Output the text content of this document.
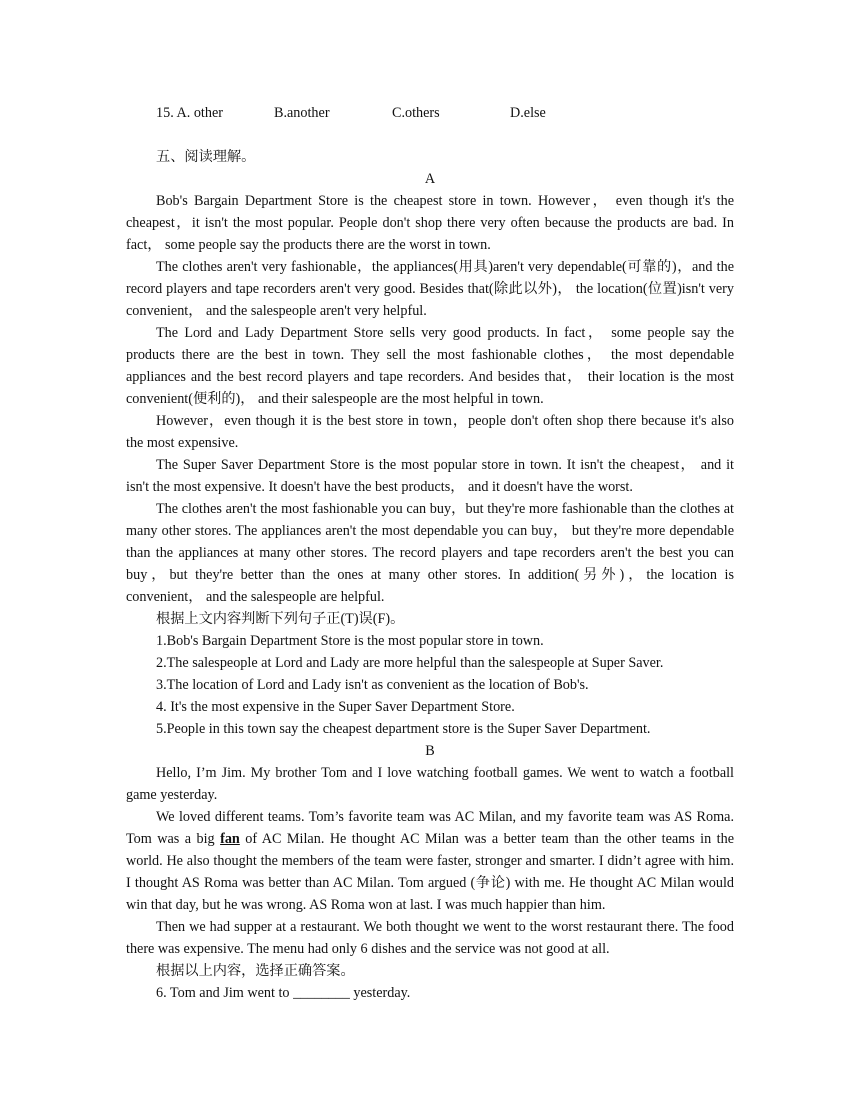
15. A. other	B.another	C.others	D.else
五、阅读理解。

A

Bob's Bargain Department Store is the cheapest store in town. However， even though it's the cheapest，it isn't the most popular. People don't shop there very often because the products are bad. In fact， some people say the products there are the worst in town.

The clothes aren't very fashionable，the appliances(用具)aren't very dependable(可靠的)，and the record players and tape recorders aren't very good. Besides that(除此以外)， the location(位置)isn't very convenient， and the salespeople aren't very helpful.

The Lord and Lady Department Store sells very good products. In fact， some people say the products there are the best in town. They sell the most fashionable clothes， the most dependable appliances and the best record players and tape recorders. And besides that， their location is the most convenient(便利的)， and their salespeople are the most helpful in town.

However，even though it is the best store in town，people don't often shop there because it's also the most expensive.

The Super Saver Department Store is the most popular store in town. It isn't the cheapest， and it isn't the most expensive. It doesn't have the best products， and it doesn't have the worst.

The clothes aren't the most fashionable you can buy，but they're more fashionable than the clothes at many other stores. The appliances aren't the most dependable you can buy， but they're more dependable than the appliances at many other stores. The record players and tape recorders aren't the best you can buy，but they're better than the ones at many other stores. In addition(另外)，the location is convenient， and the salespeople are helpful.

根据上文内容判断下列句子正(T)误(F)。

1.Bob's Bargain Department Store is the most popular store in town.

2.The salespeople at Lord and Lady are more helpful than the salespeople at Super Saver.

3.The location of Lord and Lady isn't as convenient as the location of Bob's.

4. It's the most expensive in the Super Saver Department Store.

5.People in this town say the cheapest department store is the Super Saver Department.

B

Hello, I’m Jim. My brother Tom and I love watching football games. We went to watch a football game yesterday.

We loved different teams. Tom’s favorite team was AC Milan, and my favorite team was AS Roma. Tom was a big fan of AC Milan. He thought AC Milan was a better team than the other teams in the world. He also thought the members of the team were faster, stronger and smarter. I didn’t agree with him. I thought AS Roma was better than AC Milan. Tom argued (争论) with me. He thought AC Milan would win that day, but he was wrong. AS Roma won at last. I was much happier than him.

Then we had supper at a restaurant. We both thought we went to the worst restaurant there. The food there was expensive. The menu had only 6 dishes and the service was not good at all.

根据以上内容，选择正确答案。

6. Tom and Jim went to ________ yesterday.
